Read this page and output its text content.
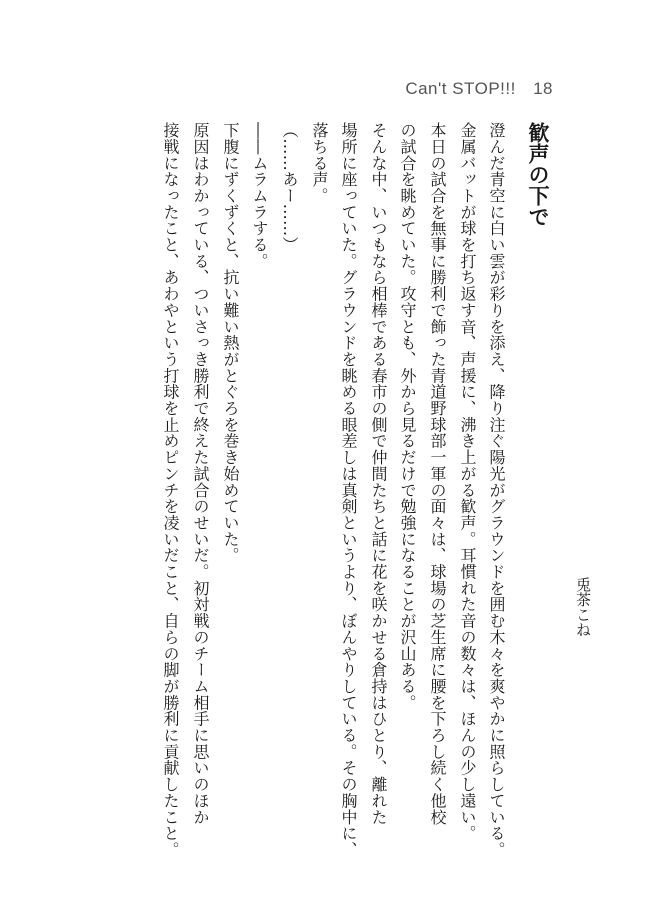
Can't STOP!!! 18
歓声の下で
兎茶こね
澄んだ青空に白い雲が彩りを添え、降り注ぐ陽光がグラウンドを囲む木々を爽やかに照らしている。
金属バットが球を打ち返す音、声援に、沸き上がる歓声。耳慣れた音の数々は、ほんの少し遠い。
本日の試合を無事に勝利で飾った青道野球部一軍の面々は、球場の芝生席に腰を下ろし続く他校
の試合を眺めていた。攻守とも、外から見るだけで勉強になることが沢山ある。
そんな中、いつもなら相棒である春市の側で仲間たちと話に花を咲かせる倉持はひとり、離れた
場所に座っていた。グラウンドを眺める眼差しは真剣というより、ぼんやりしている。その胸中に、
落ちる声。
（……あー……）
――ムラムラする。
下腹にずくずくと、抗い難い熱がとぐろを巻き始めていた。
原因はわかっている、ついさっき勝利で終えた試合のせいだ。初対戦のチーム相手に思いのほか
接戦になったこと、あわやという打球を止めピンチを凌いだこと、自らの脚が勝利に貢献したこと。
